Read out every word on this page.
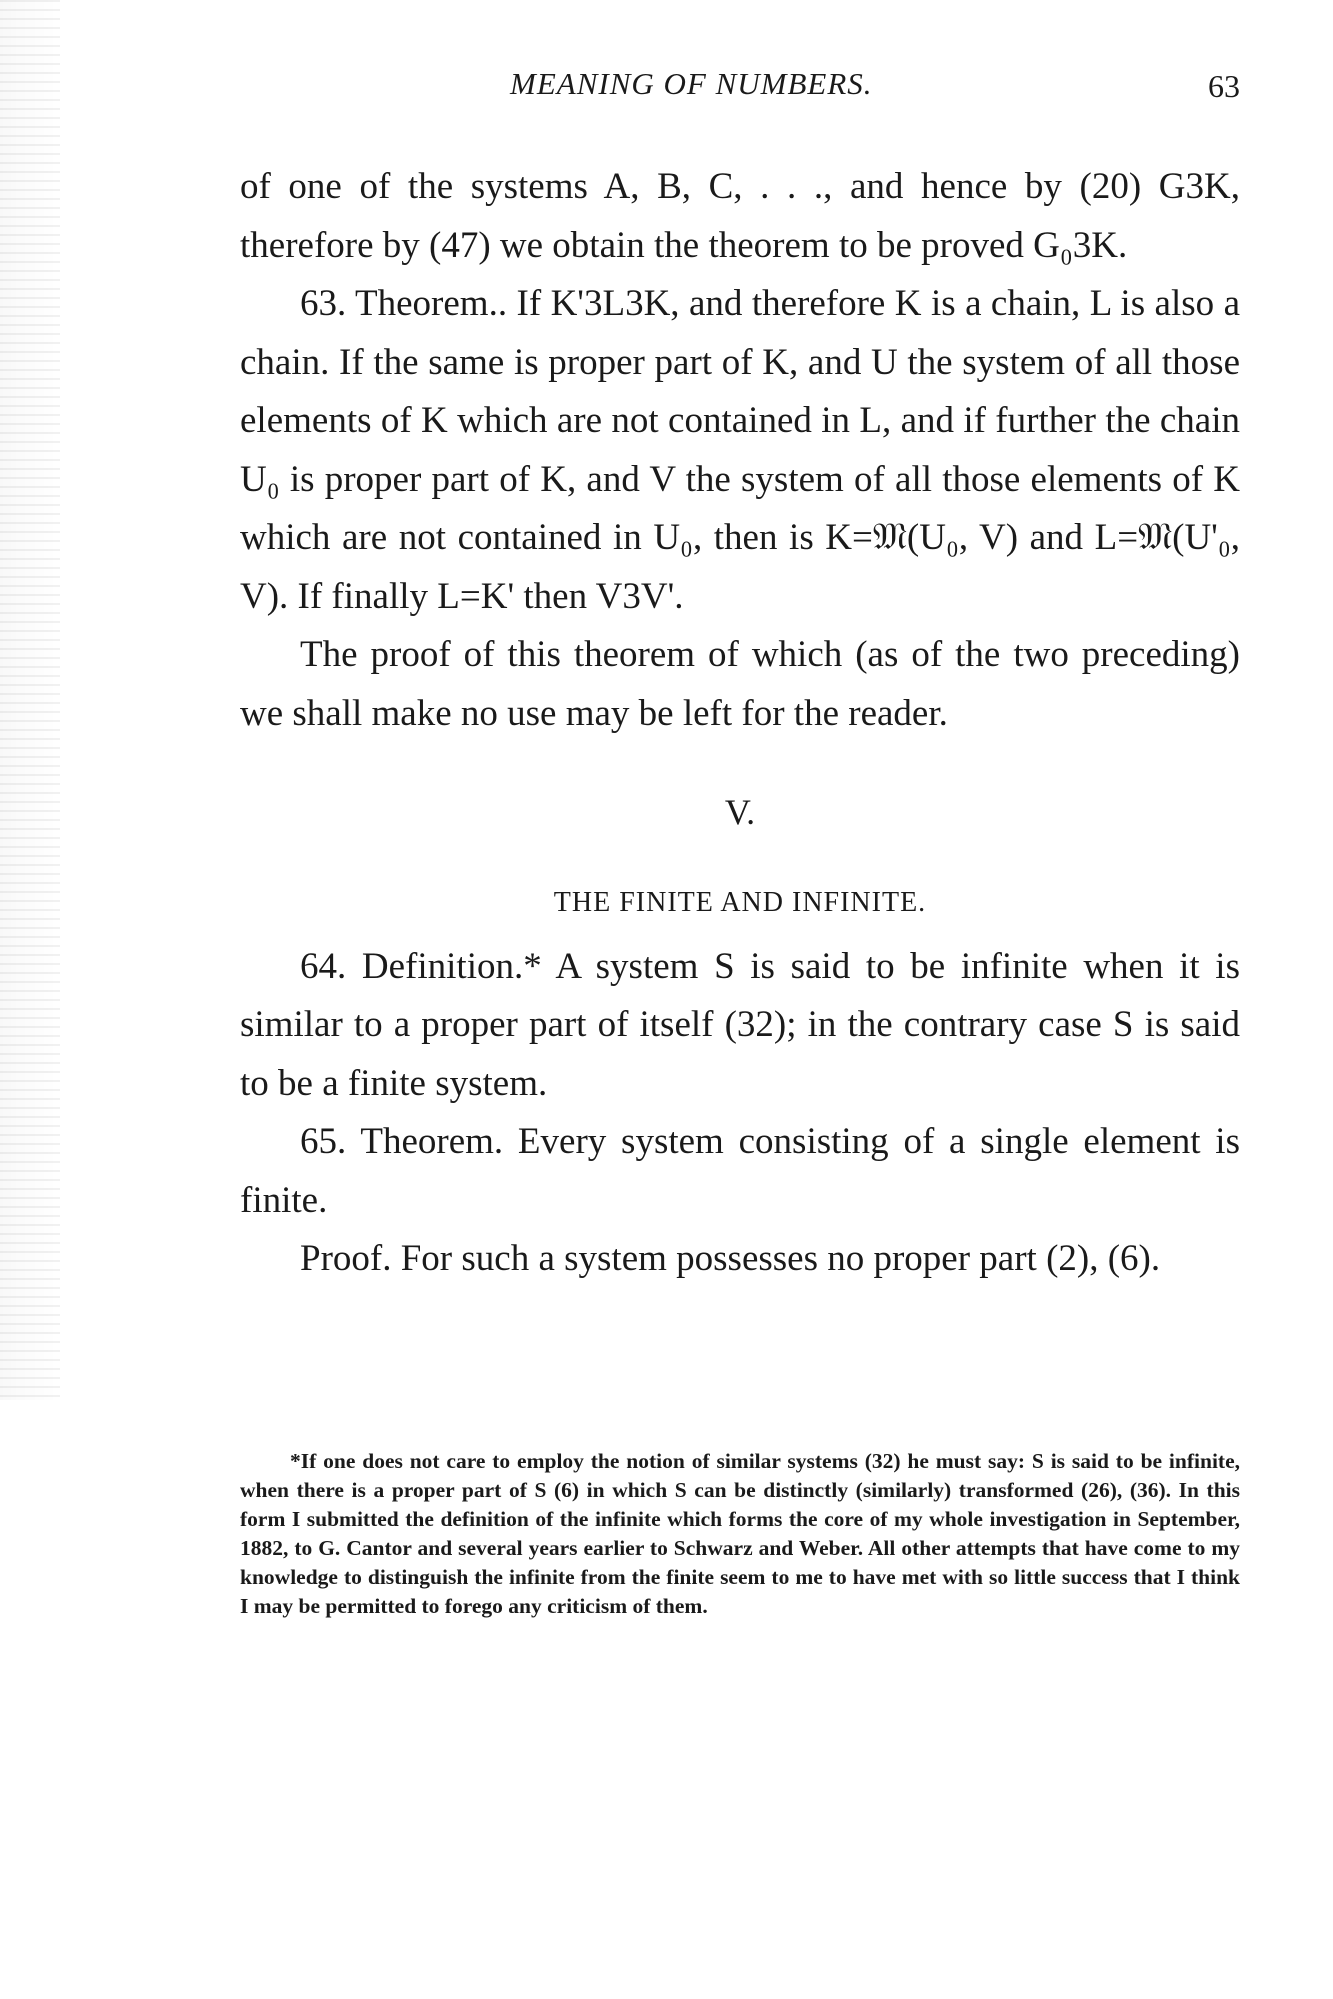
MEANING OF NUMBERS.	63

of one of the systems A, B, C, . . ., and hence by (20) G3K, therefore by (47) we obtain the theorem to be proved G₀3K.

63. Theorem.. If K'3L3K, and therefore K is a chain, L is also a chain. If the same is proper part of K, and U the system of all those elements of K which are not contained in L, and if further the chain U₀ is proper part of K, and V the system of all those elements of K which are not contained in U₀, then is K=𝔐(U₀, V) and L=𝔐(U'₀, V). If finally L=K' then V3V'.

The proof of this theorem of which (as of the two preceding) we shall make no use may be left for the reader.

V.

THE FINITE AND INFINITE.

64. Definition.* A system S is said to be infinite when it is similar to a proper part of itself (32); in the contrary case S is said to be a finite system.

65. Theorem. Every system consisting of a single element is finite.

Proof. For such a system possesses no proper part (2), (6).

*If one does not care to employ the notion of similar systems (32) he must say: S is said to be infinite, when there is a proper part of S (6) in which S can be distinctly (similarly) transformed (26), (36). In this form I submitted the definition of the infinite which forms the core of my whole investigation in September, 1882, to G. Cantor and several years earlier to Schwarz and Weber. All other attempts that have come to my knowledge to distinguish the infinite from the finite seem to me to have met with so little success that I think I may be permitted to forego any criticism of them.
